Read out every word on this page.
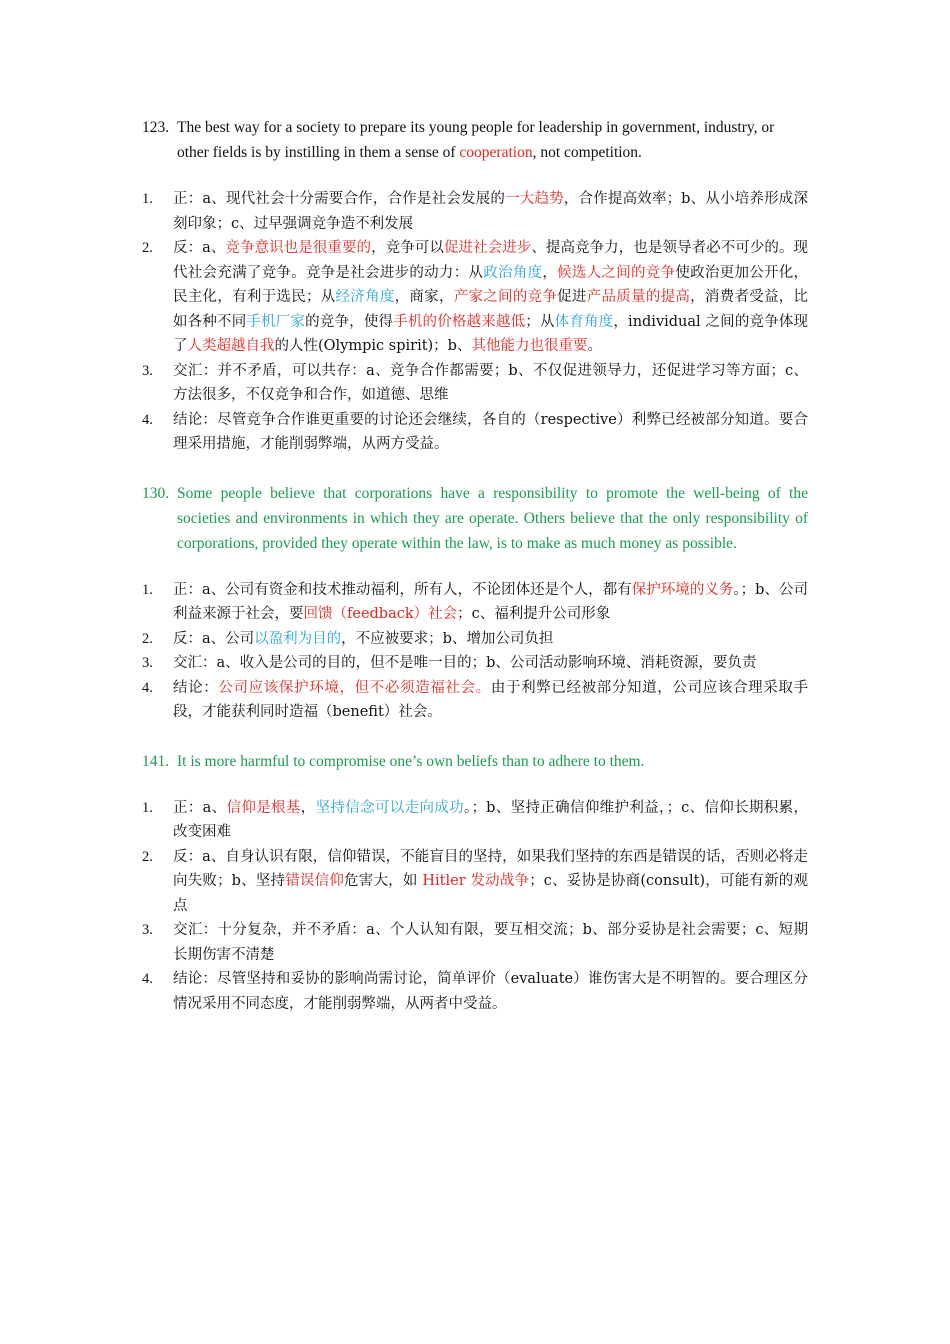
123. The best way for a society to prepare its young people for leadership in government, industry, or other fields is by instilling in them a sense of cooperation, not competition.

1. 正：a、现代社会十分需要合作，合作是社会发展的一大趋势，合作提高效率；b、从小培养形成深刻印象；c、过早强调竞争造不利发展
2. 反：a、竞争意识也是很重要的，竞争可以促进社会进步、提高竞争力，也是领导者必不可少的。现代社会充满了竞争。竞争是社会进步的动力：从政治角度，候选人之间的竞争使政治更加公开化，民主化，有利于选民；从经济角度，商家，产家之间的竞争促进产品质量的提高，消费者受益，比如各种不同手机厂家的竞争，使得手机的价格越来越低；从体育角度，individual 之间的竞争体现了人类超越自我的人性(Olympic spirit)；b、其他能力也很重要。
3. 交汇：并不矛盾，可以共存：a、竞争合作都需要；b、不仅促进领导力，还促进学习等方面；c、方法很多，不仅竞争和合作，如道德、思维
4. 结论：尽管竞争合作谁更重要的讨论还会继续，各自的（respective）利弊已经被部分知道。要合理采用措施，才能削弱弊端，从两方受益。

130. Some people believe that corporations have a responsibility to promote the well-being of the societies and environments in which they are operate. Others believe that the only responsibility of corporations, provided they operate within the law, is to make as much money as possible.

1. 正：a、公司有资金和技术推动福利，所有人，不论团体还是个人，都有保护环境的义务。；b、公司利益来源于社会，要回馈（feedback）社会；c、福利提升公司形象
2. 反：a、公司以盈利为目的，不应被要求；b、增加公司负担
3. 交汇：a、收入是公司的目的，但不是唯一目的；b、公司活动影响环境、消耗资源，要负责
4. 结论：公司应该保护环境，但不必须造福社会。由于利弊已经被部分知道，公司应该合理采取手段，才能获利同时造福（benefit）社会。

141. It is more harmful to compromise one’s own beliefs than to adhere to them.

1. 正：a、信仰是根基，坚持信念可以走向成功。；b、坚持正确信仰维护利益，；c、信仰长期积累，改变困难
2. 反：a、自身认识有限，信仰错误，不能盲目的坚持，如果我们坚持的东西是错误的话，否则必将走向失败；b、坚持错误信仰危害大，如 Hitler 发动战争；c、妥协是协商(consult)，可能有新的观点
3. 交汇：十分复杂，并不矛盾：a、个人认知有限，要互相交流；b、部分妥协是社会需要；c、短期长期伤害不清楚
4. 结论：尽管坚持和妥协的影响尚需讨论，简单评价（evaluate）谁伤害大是不明智的。要合理区分情况采用不同态度，才能削弱弊端，从两者中受益。
